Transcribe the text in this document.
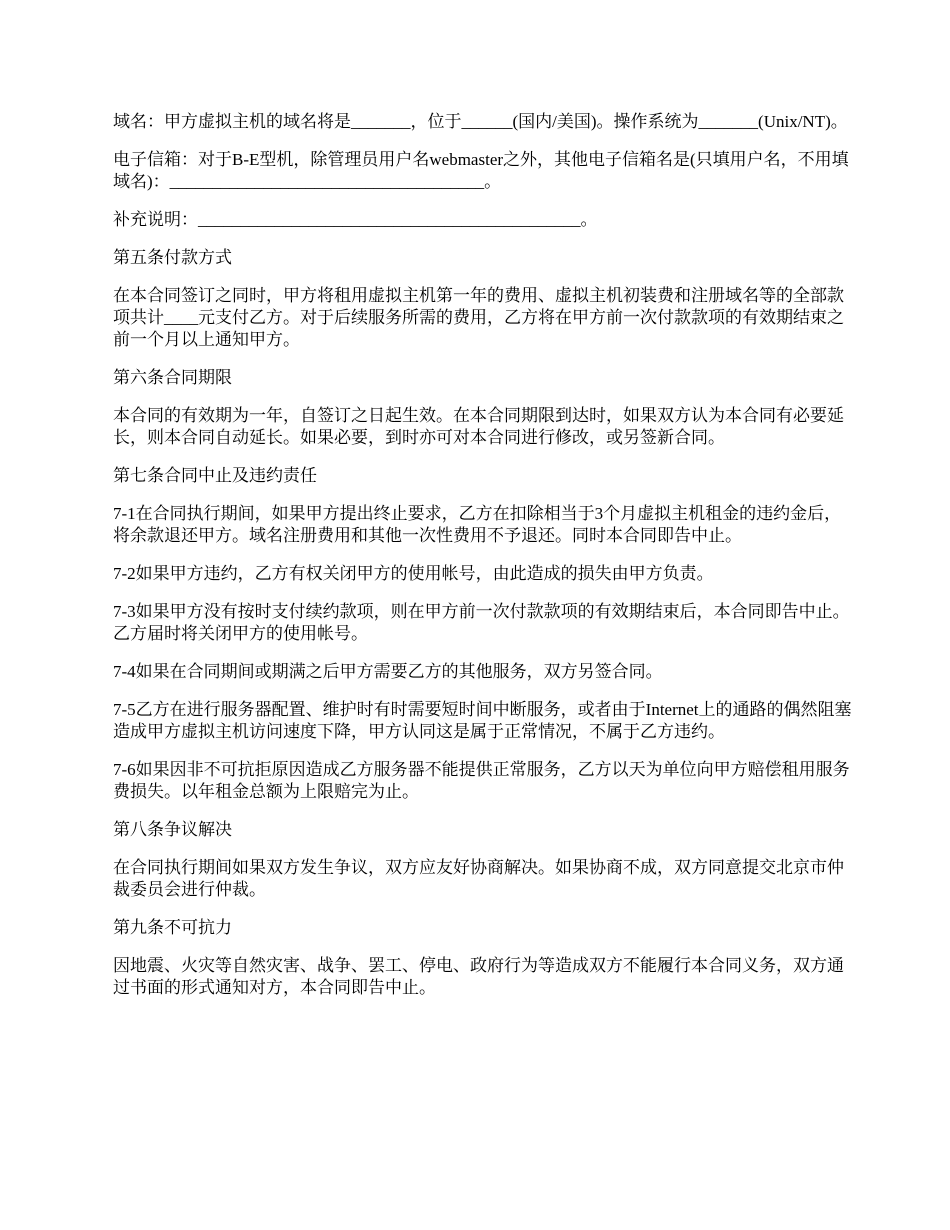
域名：甲方虚拟主机的域名将是_______，位于______(国内/美国)。操作系统为_______(Unix/NT)。

电子信箱：对于B-E型机，除管理员用户名webmaster之外，其他电子信箱名是(只填用户名，不用填域名)：_____________________________________。

补充说明：_____________________________________________。

第五条付款方式

在本合同签订之同时，甲方将租用虚拟主机第一年的费用、虚拟主机初装费和注册域名等的全部款项共计____元支付乙方。对于后续服务所需的费用，乙方将在甲方前一次付款款项的有效期结束之前一个月以上通知甲方。

第六条合同期限

本合同的有效期为一年，自签订之日起生效。在本合同期限到达时，如果双方认为本合同有必要延长，则本合同自动延长。如果必要，到时亦可对本合同进行修改，或另签新合同。

第七条合同中止及违约责任

7-1在合同执行期间，如果甲方提出终止要求，乙方在扣除相当于3个月虚拟主机租金的违约金后，将余款退还甲方。域名注册费用和其他一次性费用不予退还。同时本合同即告中止。

7-2如果甲方违约，乙方有权关闭甲方的使用帐号，由此造成的损失由甲方负责。

7-3如果甲方没有按时支付续约款项，则在甲方前一次付款款项的有效期结束后，本合同即告中止。乙方届时将关闭甲方的使用帐号。

7-4如果在合同期间或期满之后甲方需要乙方的其他服务，双方另签合同。

7-5乙方在进行服务器配置、维护时有时需要短时间中断服务，或者由于Internet上的通路的偶然阻塞造成甲方虚拟主机访问速度下降，甲方认同这是属于正常情况，不属于乙方违约。

7-6如果因非不可抗拒原因造成乙方服务器不能提供正常服务，乙方以天为单位向甲方赔偿租用服务费损失。以年租金总额为上限赔完为止。

第八条争议解决

在合同执行期间如果双方发生争议，双方应友好协商解决。如果协商不成，双方同意提交北京市仲裁委员会进行仲裁。

第九条不可抗力

因地震、火灾等自然灾害、战争、罢工、停电、政府行为等造成双方不能履行本合同义务，双方通过书面的形式通知对方，本合同即告中止。
